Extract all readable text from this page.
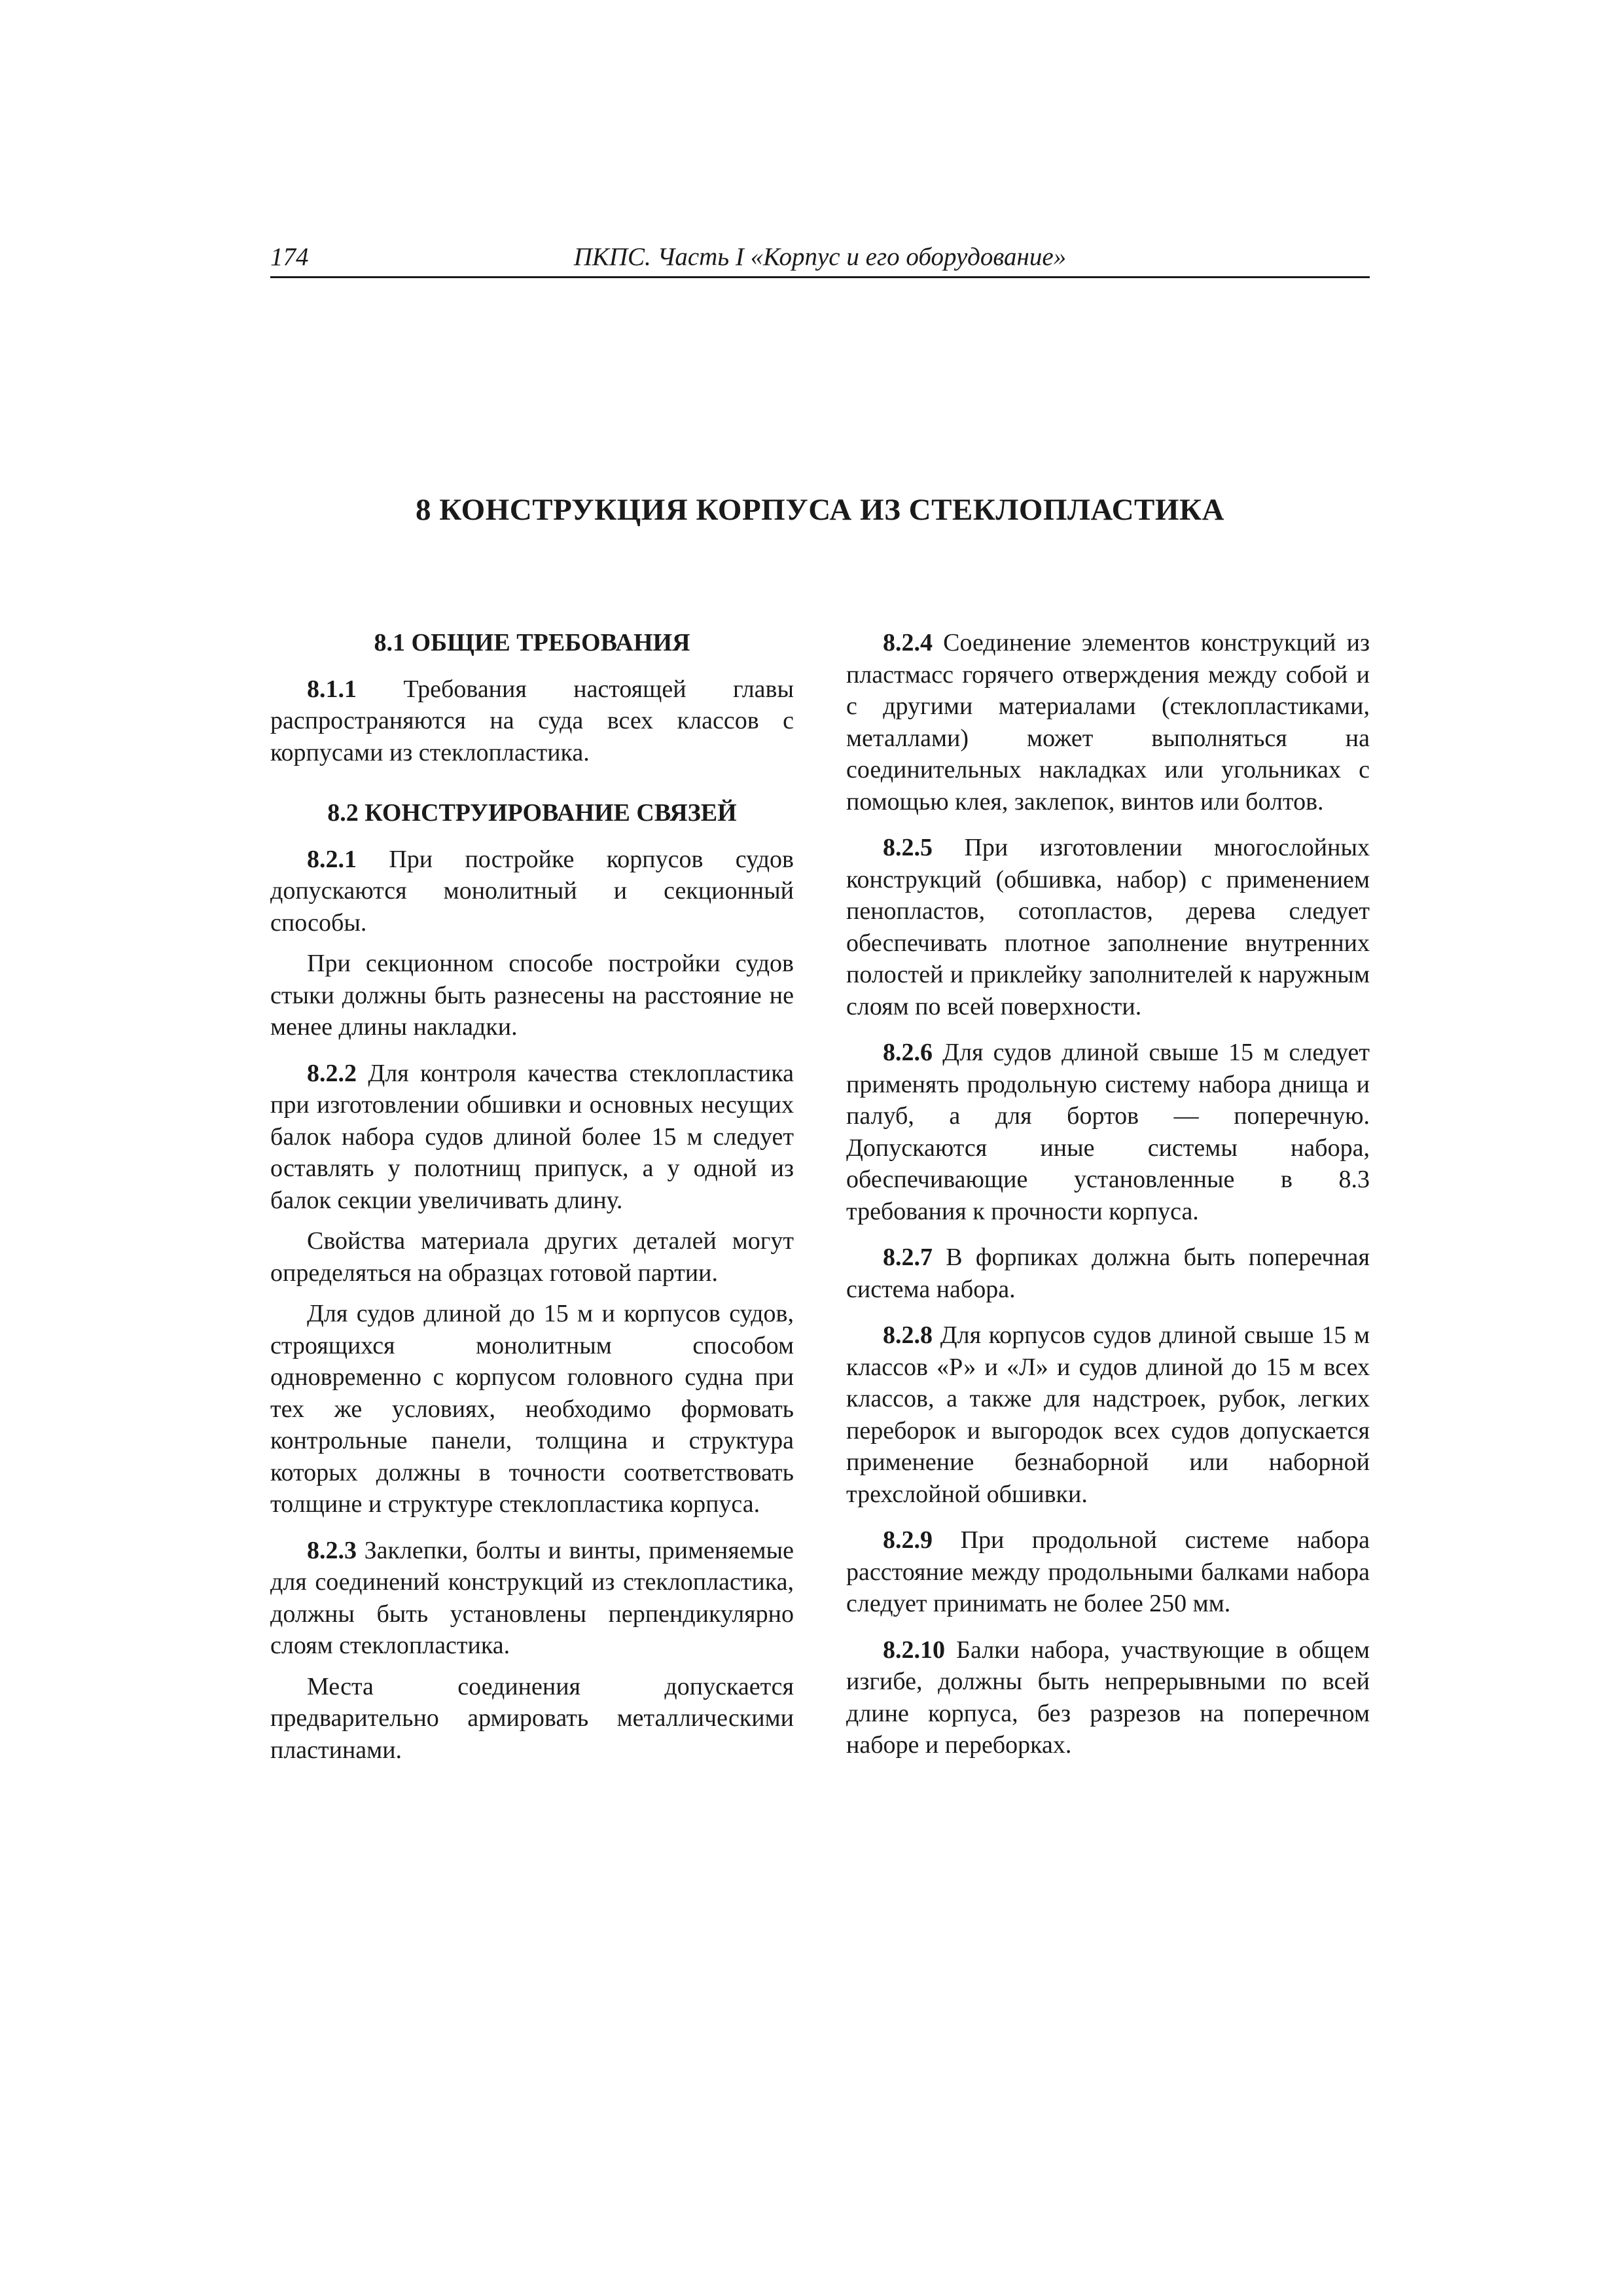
174	ПКПС. Часть I «Корпус и его оборудование»
8 КОНСТРУКЦИЯ КОРПУСА ИЗ СТЕКЛОПЛАСТИКА
8.1 ОБЩИЕ ТРЕБОВАНИЯ

8.1.1 Требования настоящей главы распространяются на суда всех классов с корпусами из стеклопластика.

8.2 КОНСТРУИРОВАНИЕ СВЯЗЕЙ

8.2.1 При постройке корпусов судов допускаются монолитный и секционный способы.

При секционном способе постройки судов стыки должны быть разнесены на расстояние не менее длины накладки.

8.2.2 Для контроля качества стеклопластика при изготовлении обшивки и основных несущих балок набора судов длиной более 15 м следует оставлять у полотнищ припуск, а у одной из балок секции увеличивать длину.

Свойства материала других деталей могут определяться на образцах готовой партии.

Для судов длиной до 15 м и корпусов судов, строящихся монолитным способом одновременно с корпусом головного судна при тех же условиях, необходимо формовать контрольные панели, толщина и структура которых должны в точности соответствовать толщине и структуре стеклопластика корпуса.

8.2.3 Заклепки, болты и винты, применяемые для соединений конструкций из стеклопластика, должны быть установлены перпендикулярно слоям стеклопластика.

Места соединения допускается предварительно армировать металлическими пластинами.

8.2.4 Соединение элементов конструкций из пластмасс горячего отверждения между собой и с другими материалами (стеклопластиками, металлами) может выполняться на соединительных накладках или угольниках с помощью клея, заклепок, винтов или болтов.

8.2.5 При изготовлении многослойных конструкций (обшивка, набор) с применением пенопластов, сотопластов, дерева следует обеспечивать плотное заполнение внутренних полостей и приклейку заполнителей к наружным слоям по всей поверхности.

8.2.6 Для судов длиной свыше 15 м следует применять продольную систему набора днища и палуб, а для бортов — поперечную. Допускаются иные системы набора, обеспечивающие установленные в 8.3 требования к прочности корпуса.

8.2.7 В форпиках должна быть поперечная система набора.

8.2.8 Для корпусов судов длиной свыше 15 м классов «Р» и «Л» и судов длиной до 15 м всех классов, а также для надстроек, рубок, легких переборок и выгородок всех судов допускается применение безнаборной или наборной трехслойной обшивки.

8.2.9 При продольной системе набора расстояние между продольными балками набора следует принимать не более 250 мм.

8.2.10 Балки набора, участвующие в общем изгибе, должны быть непрерывными по всей длине корпуса, без разрезов на поперечном наборе и переборках.
